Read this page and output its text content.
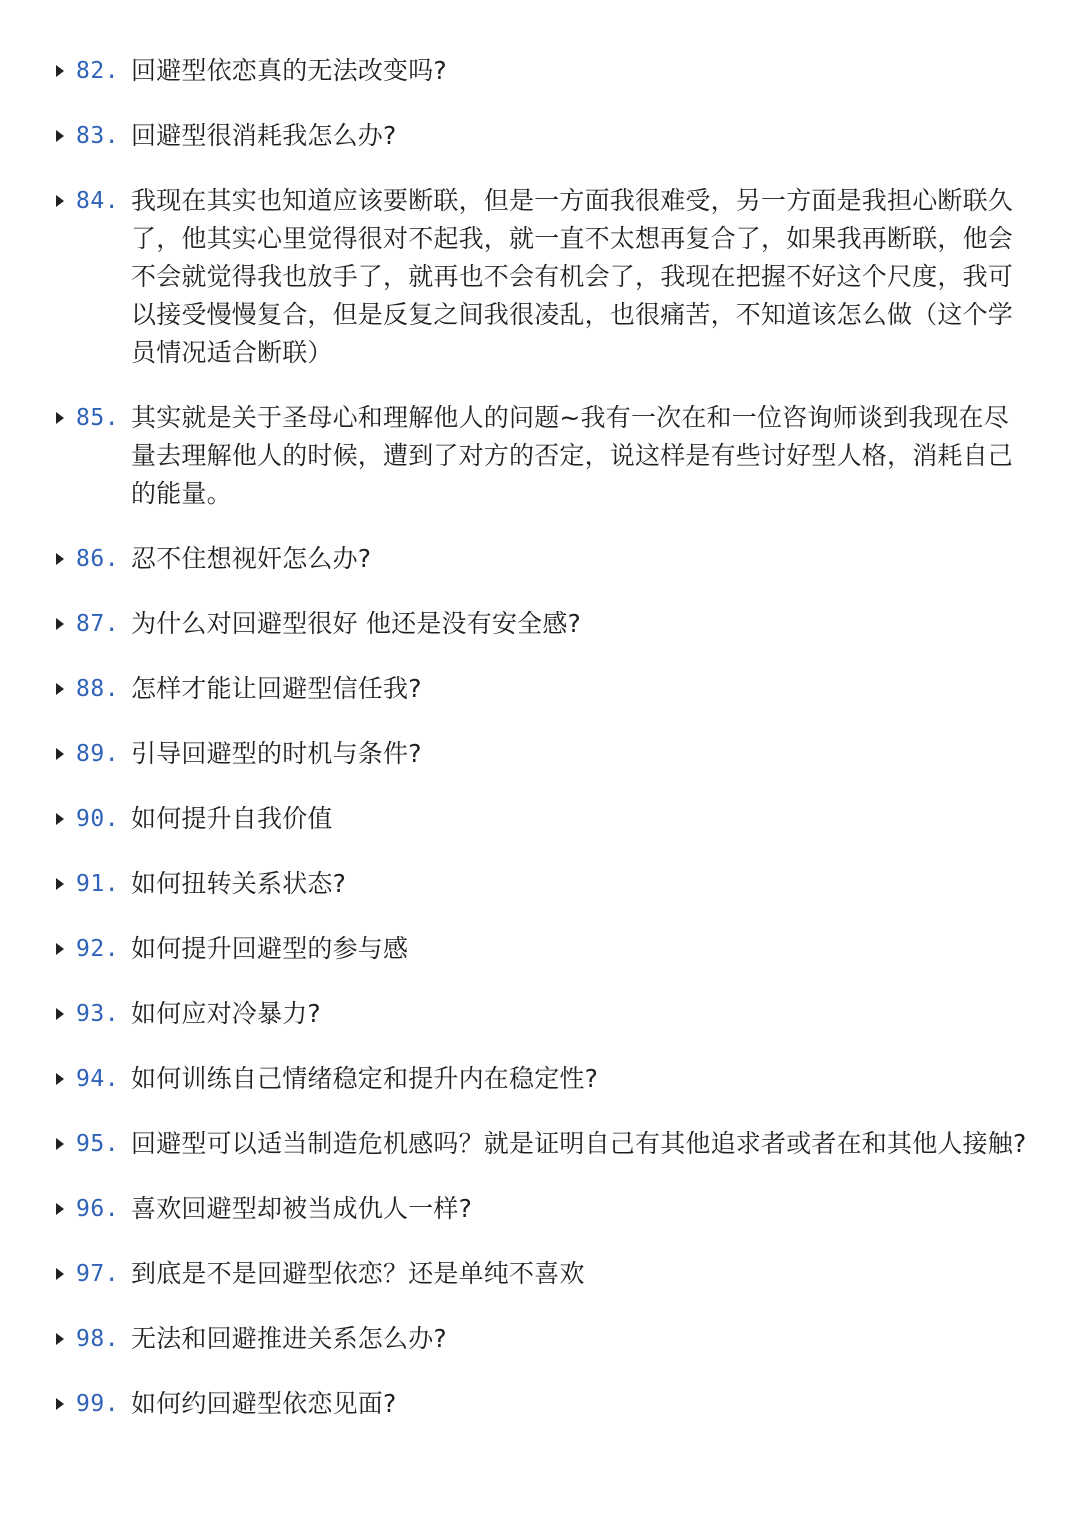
82. 回避型依恋真的无法改变吗?
83. 回避型很消耗我怎么办?
84. 我现在其实也知道应该要断联，但是一方面我很难受，另一方面是我担心断联久了，他其实心里觉得很对不起我，就一直不太想再复合了，如果我再断联，他会不会就觉得我也放手了，就再也不会有机会了，我现在把握不好这个尺度，我可以接受慢慢复合，但是反复之间我很凌乱，也很痛苦，不知道该怎么做（这个学员情况适合断联）
85. 其实就是关于圣母心和理解他人的问题~我有一次在和一位咨询师谈到我现在尽量去理解他人的时候，遭到了对方的否定，说这样是有些讨好型人格，消耗自己的能量。
86. 忍不住想视奸怎么办?
87. 为什么对回避型很好 他还是没有安全感?
88. 怎样才能让回避型信任我?
89. 引导回避型的时机与条件?
90. 如何提升自我价值
91. 如何扭转关系状态?
92. 如何提升回避型的参与感
93. 如何应对冷暴力?
94. 如何训练自己情绪稳定和提升内在稳定性?
95. 回避型可以适当制造危机感吗？就是证明自己有其他追求者或者在和其他人接触?
96. 喜欢回避型却被当成仇人一样?
97. 到底是不是回避型依恋？还是单纯不喜欢
98. 无法和回避推进关系怎么办?
99. 如何约回避型依恋见面?
